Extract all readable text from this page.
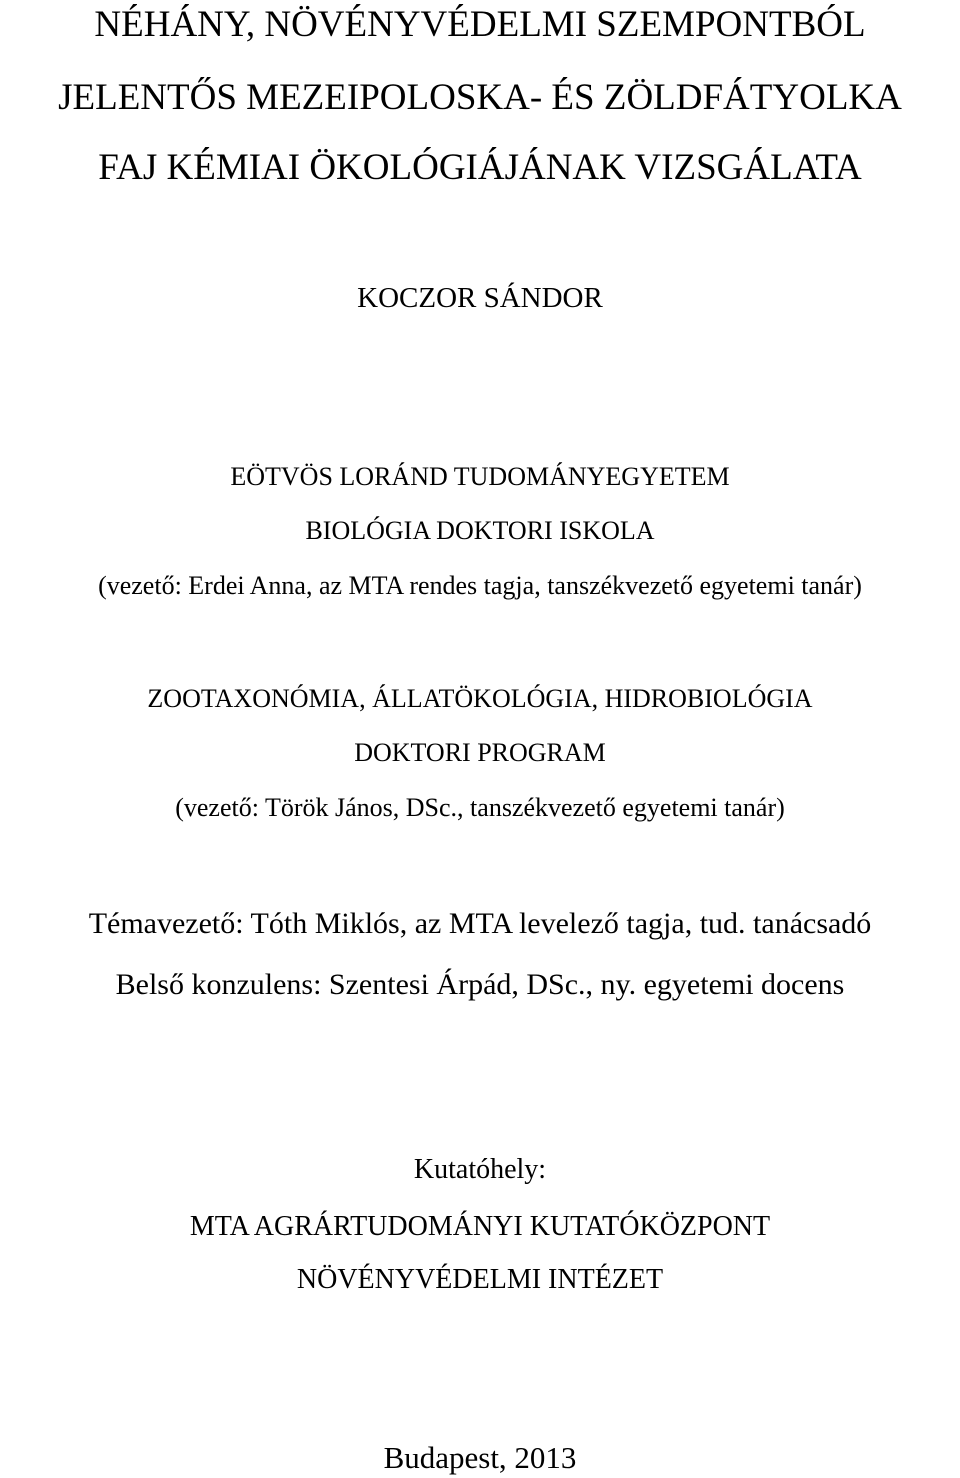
NÉHÁNY, NÖVÉNYVÉDELMI SZEMPONTBÓL
JELENTŐS MEZEIPOLOSKA- ÉS ZÖLDFÁTYOLKA
FAJ KÉMIAI ÖKOLÓGIÁJÁNAK VIZSGÁLATA
KOCZOR SÁNDOR
EÖTVÖS LORÁND TUDOMÁNYEGYETEM
BIOLÓGIA DOKTORI ISKOLA
(vezető: Erdei Anna, az MTA rendes tagja, tanszékvezető egyetemi tanár)
ZOOTAXONÓMIA, ÁLLATÖKOLÓGIA, HIDROBIOLÓGIA
DOKTORI PROGRAM
(vezető: Török János, DSc., tanszékvezető egyetemi tanár)
Témavezető: Tóth Miklós, az MTA levelező tagja, tud. tanácsadó
Belső konzulens: Szentesi Árpád, DSc., ny. egyetemi docens
Kutatóhely:
MTA AGRÁRTUDOMÁNYI KUTATÓKÖZPONT
NÖVÉNYVÉDELMI INTÉZET
Budapest, 2013
